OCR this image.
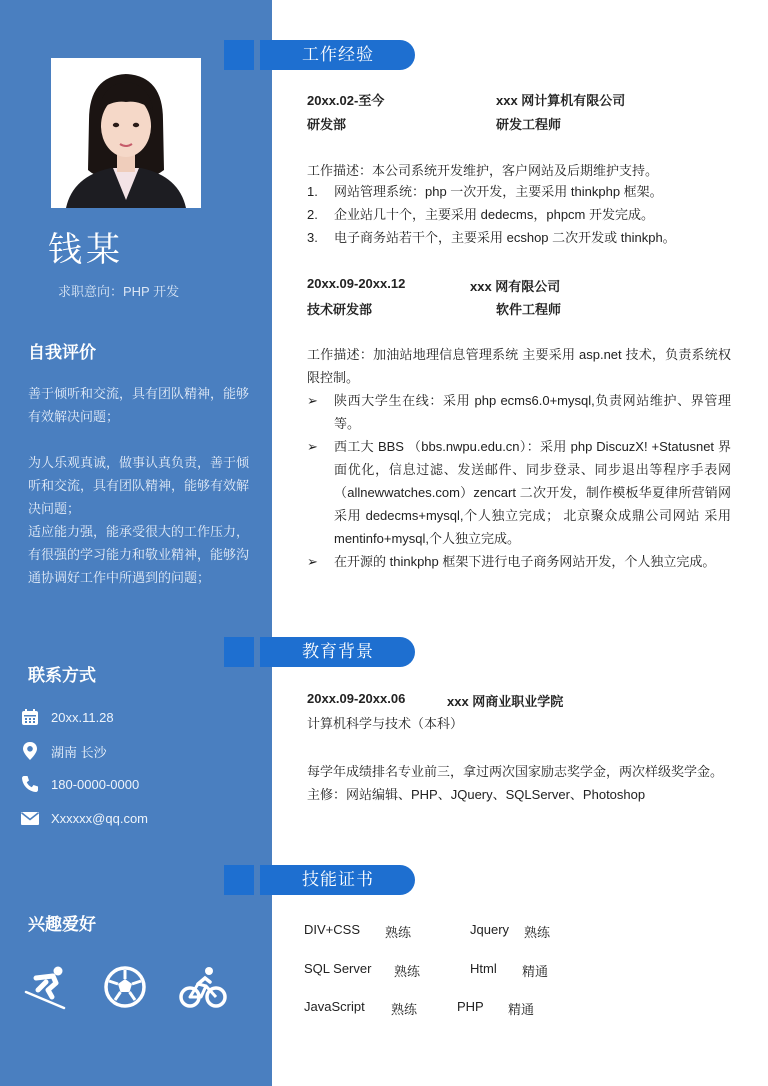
钱某
求职意向：PHP 开发
自我评价

善于倾听和交流，具有团队精神，能够有效解决问题；

为人乐观真诚，做事认真负责，善于倾听和交流，具有团队精神，能够有效解决问题；

适应能力强，能承受很大的工作压力，有很强的学习能力和敬业精神，能够沟通协调好工作中所遇到的问题；

联系方式
20xx.11.28
湖南 长沙
180-0000-0000
Xxxxxx@qq.com
兴趣爱好
工作经验
20xx.02-至今	xxx 网计算机有限公司
研发部	研发工程师
工作描述：本公司系统开发维护，客户网站及后期维护支持。
1. 网站管理系统：php 一次开发，主要采用 thinkphp 框架。
2. 企业站几十个，主要采用 dedecms，phpcm 开发完成。
3. 电子商务站若干个，主要采用 ecshop 二次开发或 thinkph。
20xx.09-20xx.12	xxx 网有限公司
技术研发部	软件工程师
工作描述：加油站地理信息管理系统 主要采用 asp.net 技术，负责系统权限控制。
➢ 陕西大学生在线：采用 php ecms6.0+mysql,负责网站维护、界管理等。
➢ 西工大 BBS （bbs.nwpu.edu.cn）：采用 php DiscuzX! +Statusnet 界面优化，信息过滤、发送邮件、同步登录、同步退出等程序手表网（allnewwatches.com）zencart 二次开发，制作模板华夏律所营销网 采用 dedecms+mysql,个人独立完成； 北京聚众成鼎公司网站 采用 mentinfo+mysql,个人独立完成。
➢ 在开源的 thinkphp 框架下进行电子商务网站开发，个人独立完成。
教育背景
20xx.09-20xx.06	xxx 网商业职业学院
计算机科学与技术（本科）
每学年成绩排名专业前三，拿过两次国家励志奖学金，两次样级奖学金。
主修：网站编辑、PHP、JQuery、SQLServer、Photoshop
技能证书
DIV+CSS 熟练	Jquery 熟练
SQL Server 熟练	Html 精通
JavaScript 熟练	PHP 精通
